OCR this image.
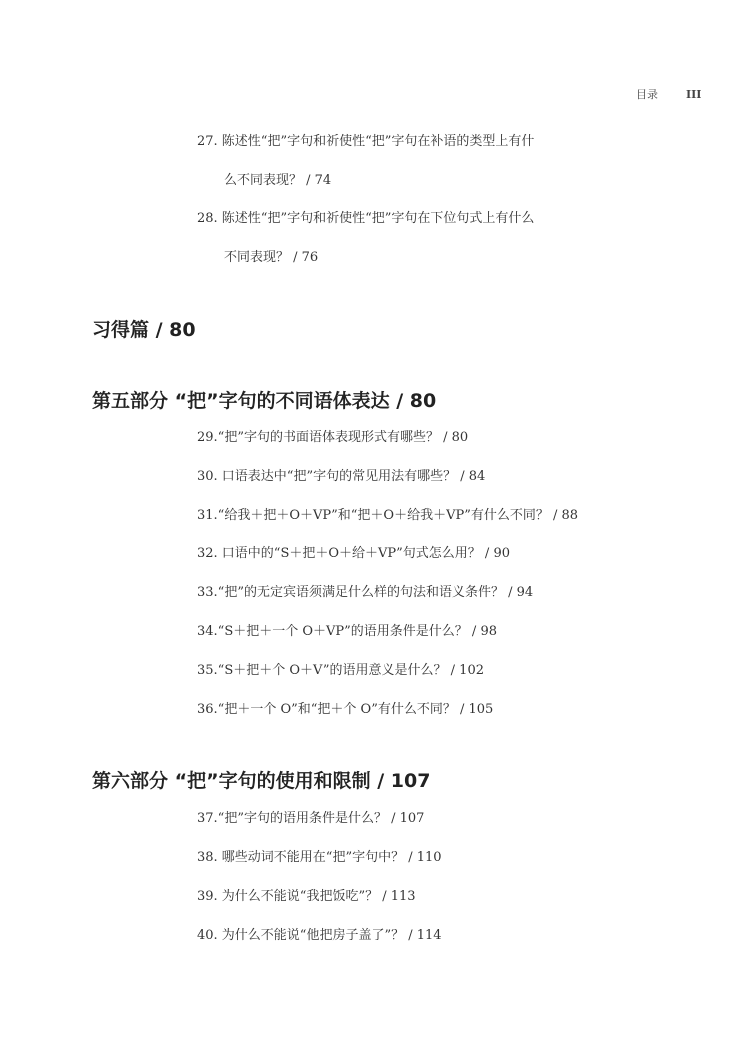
目录	III
27. 陈述性“把”字句和祈使性“把”字句在补语的类型上有什
么不同表现？ / 74
28. 陈述性“把”字句和祈使性“把”字句在下位句式上有什么
不同表现？ / 76
习得篇 / 80
第五部分 “把”字句的不同语体表达 / 80
29.“把”字句的书面语体表现形式有哪些？ / 80
30. 口语表达中“把”字句的常见用法有哪些？ / 84
31.“给我＋把＋O＋VP”和“把＋O＋给我＋VP”有什么不同？ / 88
32. 口语中的“S＋把＋O＋给＋VP”句式怎么用？ / 90
33.“把”的无定宾语须满足什么样的句法和语义条件？ / 94
34.“S＋把＋一个 O＋VP”的语用条件是什么？ / 98
35.“S＋把＋个 O＋V”的语用意义是什么？ / 102
36.“把＋一个 O”和“把＋个 O”有什么不同？ / 105
第六部分 “把”字句的使用和限制 / 107
37.“把”字句的语用条件是什么？ / 107
38. 哪些动词不能用在“把”字句中？ / 110
39. 为什么不能说“我把饭吃”？ / 113
40. 为什么不能说“他把房子盖了”？ / 114
